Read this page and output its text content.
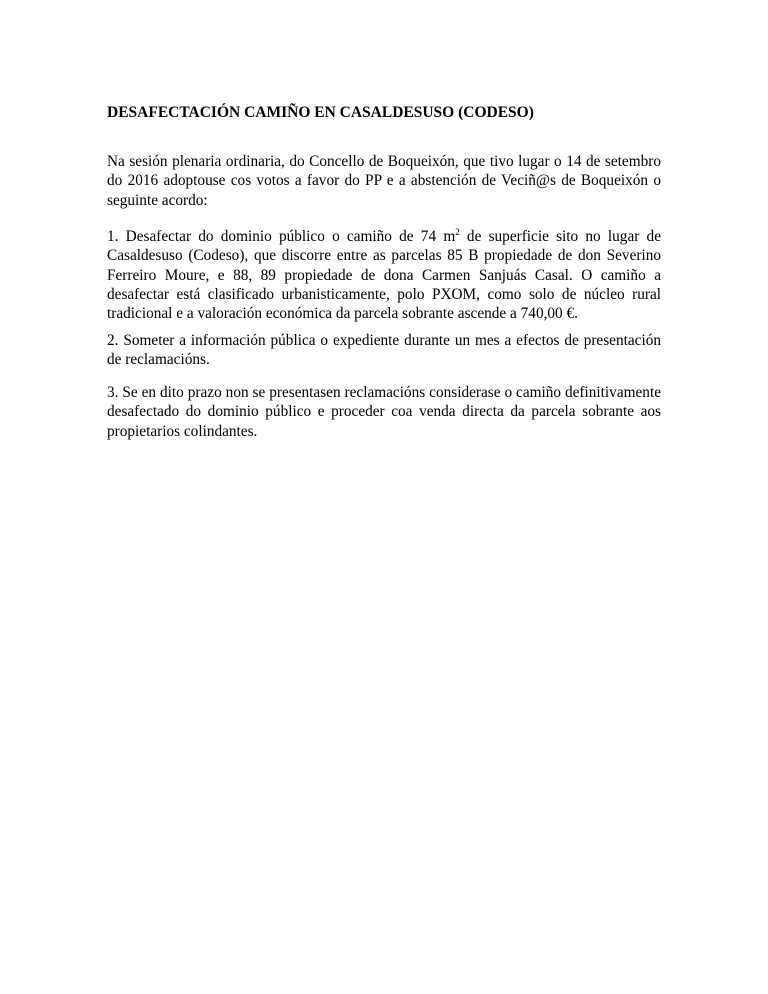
DESAFECTACIÓN CAMIÑO EN CASALDESUSO (CODESO)

Na sesión plenaria ordinaria, do Concello de Boqueixón, que tivo lugar o 14 de setembro do 2016 adoptouse cos votos a favor do PP e a abstención de Veciñ@s de Boqueixón o seguinte acordo:

1. Desafectar do dominio público o camiño de 74 $m^2$ de superficie sito no lugar de Casaldesuso (Codeso), que discorre entre as parcelas 85 B propiedade de don Severino Ferreiro Moure, e 88, 89 propiedade de dona Carmen Sanjuás Casal. O camiño a desafectar está clasificado urbanisticamente, polo PXOM, como solo de núcleo rural tradicional e a valoración económica da parcela sobrante ascende a 740,00 €.

2. Someter a información pública o expediente durante un mes a efectos de presentación de reclamacións.

3. Se en dito prazo non se presentasen reclamacións considerase o camiño definitivamente desafectado do dominio público e proceder coa venda directa da parcela sobrante aos propietarios colindantes.
